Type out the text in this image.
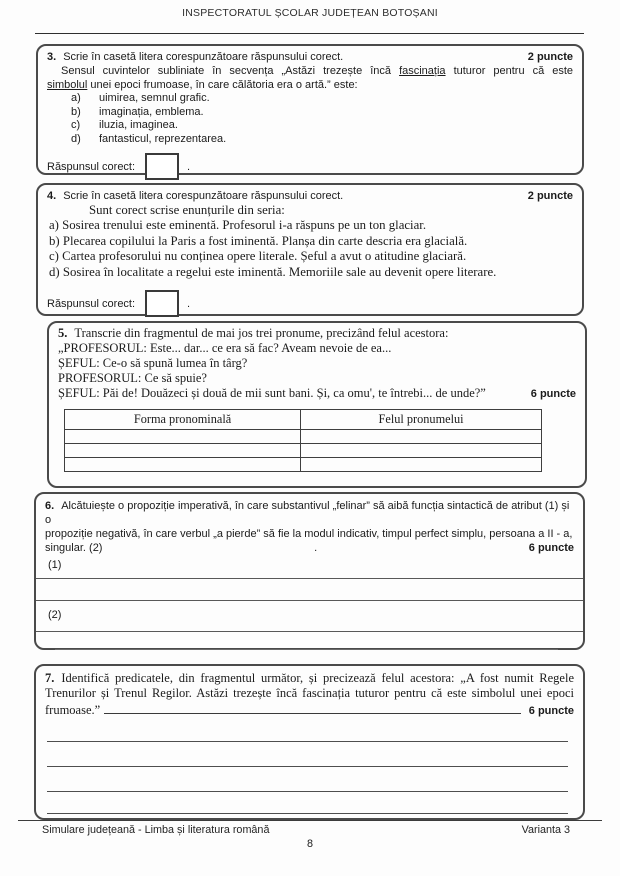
INSPECTORATUL ȘCOLAR JUDEȚEAN BOTOȘANI
3. Scrie în casetă litera corespunzătoare răspunsului corect.	2 puncte
Sensul cuvintelor subliniate în secvența „Astăzi trezește încă fascinația tuturor pentru că este
simbolul unei epoci frumoase, în care călătoria era o artă.” este:
a)	uimirea, semnul grafic.
b)	imaginația, emblema.
c)	iluzia, imaginea.
d)	fantasticul, reprezentarea.
Răspunsul corect:	.
4. Scrie în casetă litera corespunzătoare răspunsului corect.	2 puncte
Sunt corect scrise enunțurile din seria:
a) Sosirea trenului este eminentă. Profesorul i-a răspuns pe un ton glaciar.
b) Plecarea copilului la Paris a fost iminentă. Planșa din carte descria era glacială.
c) Cartea profesorului nu conținea opere literale. Șeful a avut o atitudine glaciară.
d) Sosirea în localitate a regelui este iminentă. Memoriile sale au devenit opere literare.
Răspunsul corect:	.
5. Transcrie din fragmentul de mai jos trei pronume, precizând felul acestora:
„PROFESORUL: Este... dar... ce era să fac? Aveam nevoie de ea...
ȘEFUL: Ce-o să spună lumea în târg?
PROFESORUL: Ce să spuie?
ȘEFUL: Păi de! Douăzeci și două de mii sunt bani. Și, ca omu', te întrebi... de unde?”	6 puncte
Forma pronominală	Felul pronumelui

6. Alcătuiește o propoziție imperativă, în care substantivul „felinar” să aibă funcția sintactică de atribut (1) și o
propoziție negativă, în care verbul „a pierde” să fie la modul indicativ, timpul perfect simplu, persoana a II - a,
singular. (2)	.	6 puncte
(1)
(2)
7. Identifică predicatele, din fragmentul următor, și precizează felul acestora: „A fost numit Regele
Trenurilor și Trenul Regilor. Astăzi trezește încă fascinația tuturor pentru că este simbolul unei epoci
frumoase.”	6 puncte
Simulare județeană - Limba și literatura română	Varianta 3
8
